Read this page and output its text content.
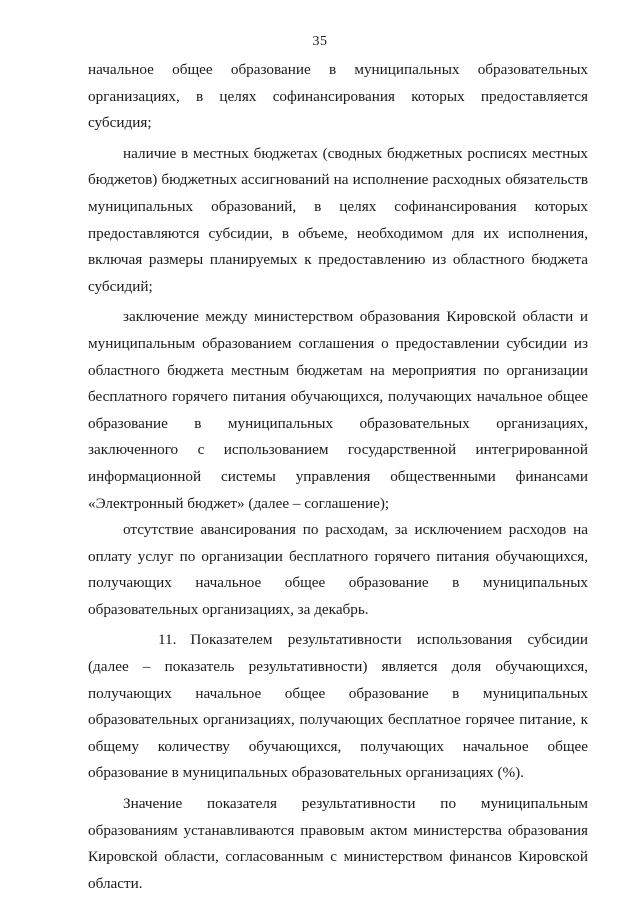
35

начальное общее образование в муниципальных образовательных организациях, в целях софинансирования которых предоставляется субсидия;

наличие в местных бюджетах (сводных бюджетных росписях местных бюджетов) бюджетных ассигнований на исполнение расходных обязательств муниципальных образований, в целях софинансирования которых предоставляются субсидии, в объеме, необходимом для их исполнения, включая размеры планируемых к предоставлению из областного бюджета субсидий;

заключение между министерством образования Кировской области и муниципальным образованием соглашения о предоставлении субсидии из областного бюджета местным бюджетам на мероприятия по организации бесплатного горячего питания обучающихся, получающих начальное общее образование в муниципальных образовательных организациях, заключенного с использованием государственной интегрированной информационной системы управления общественными финансами «Электронный бюджет» (далее – соглашение);

отсутствие авансирования по расходам, за исключением расходов на оплату услуг по организации бесплатного горячего питания обучающихся, получающих начальное общее образование в муниципальных образовательных организациях, за декабрь.

11. Показателем результативности использования субсидии (далее – показатель результативности) является доля обучающихся, получающих начальное общее образование в муниципальных образовательных организациях, получающих бесплатное горячее питание, к общему количеству обучающихся, получающих начальное общее образование в муниципальных образовательных организациях (%).

Значение показателя результативности по муниципальным образованиям устанавливаются правовым актом министерства образования Кировской области, согласованным с министерством финансов Кировской области.
